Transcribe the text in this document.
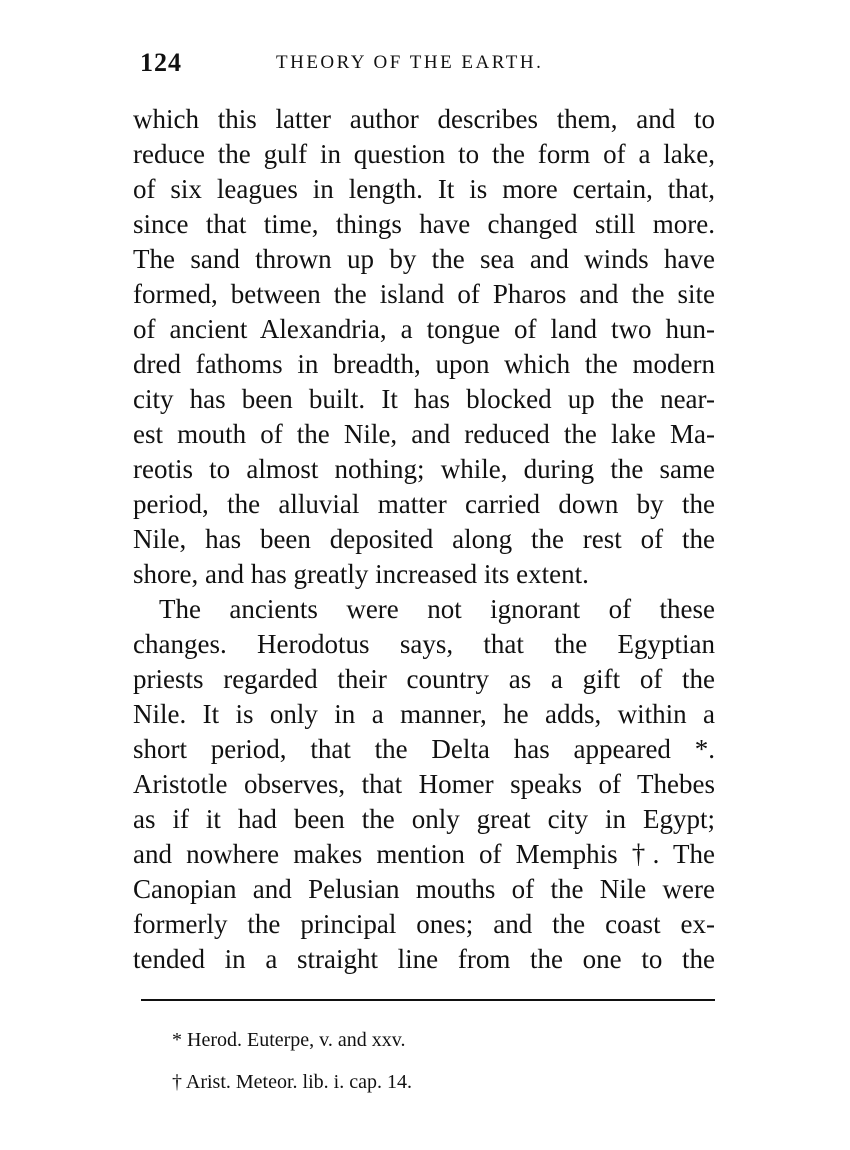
124	THEORY OF THE EARTH.
which this latter author describes them, and to
reduce the gulf in question to the form of a lake,
of six leagues in length. It is more certain, that,
since that time, things have changed still more.
The sand thrown up by the sea and winds have
formed, between the island of Pharos and the site
of ancient Alexandria, a tongue of land two hun-
dred fathoms in breadth, upon which the modern
city has been built. It has blocked up the near-
est mouth of the Nile, and reduced the lake Ma-
reotis to almost nothing; while, during the same
period, the alluvial matter carried down by the
Nile, has been deposited along the rest of the
shore, and has greatly increased its extent.
The ancients were not ignorant of these
changes. Herodotus says, that the Egyptian
priests regarded their country as a gift of the
Nile. It is only in a manner, he adds, within a
short period, that the Delta has appeared *.
Aristotle observes, that Homer speaks of Thebes
as if it had been the only great city in Egypt;
and nowhere makes mention of Memphis †. The
Canopian and Pelusian mouths of the Nile were
formerly the principal ones; and the coast ex-
tended in a straight line from the one to the
* Herod. Euterpe, v. and xxv.
† Arist. Meteor. lib. i. cap. 14.
